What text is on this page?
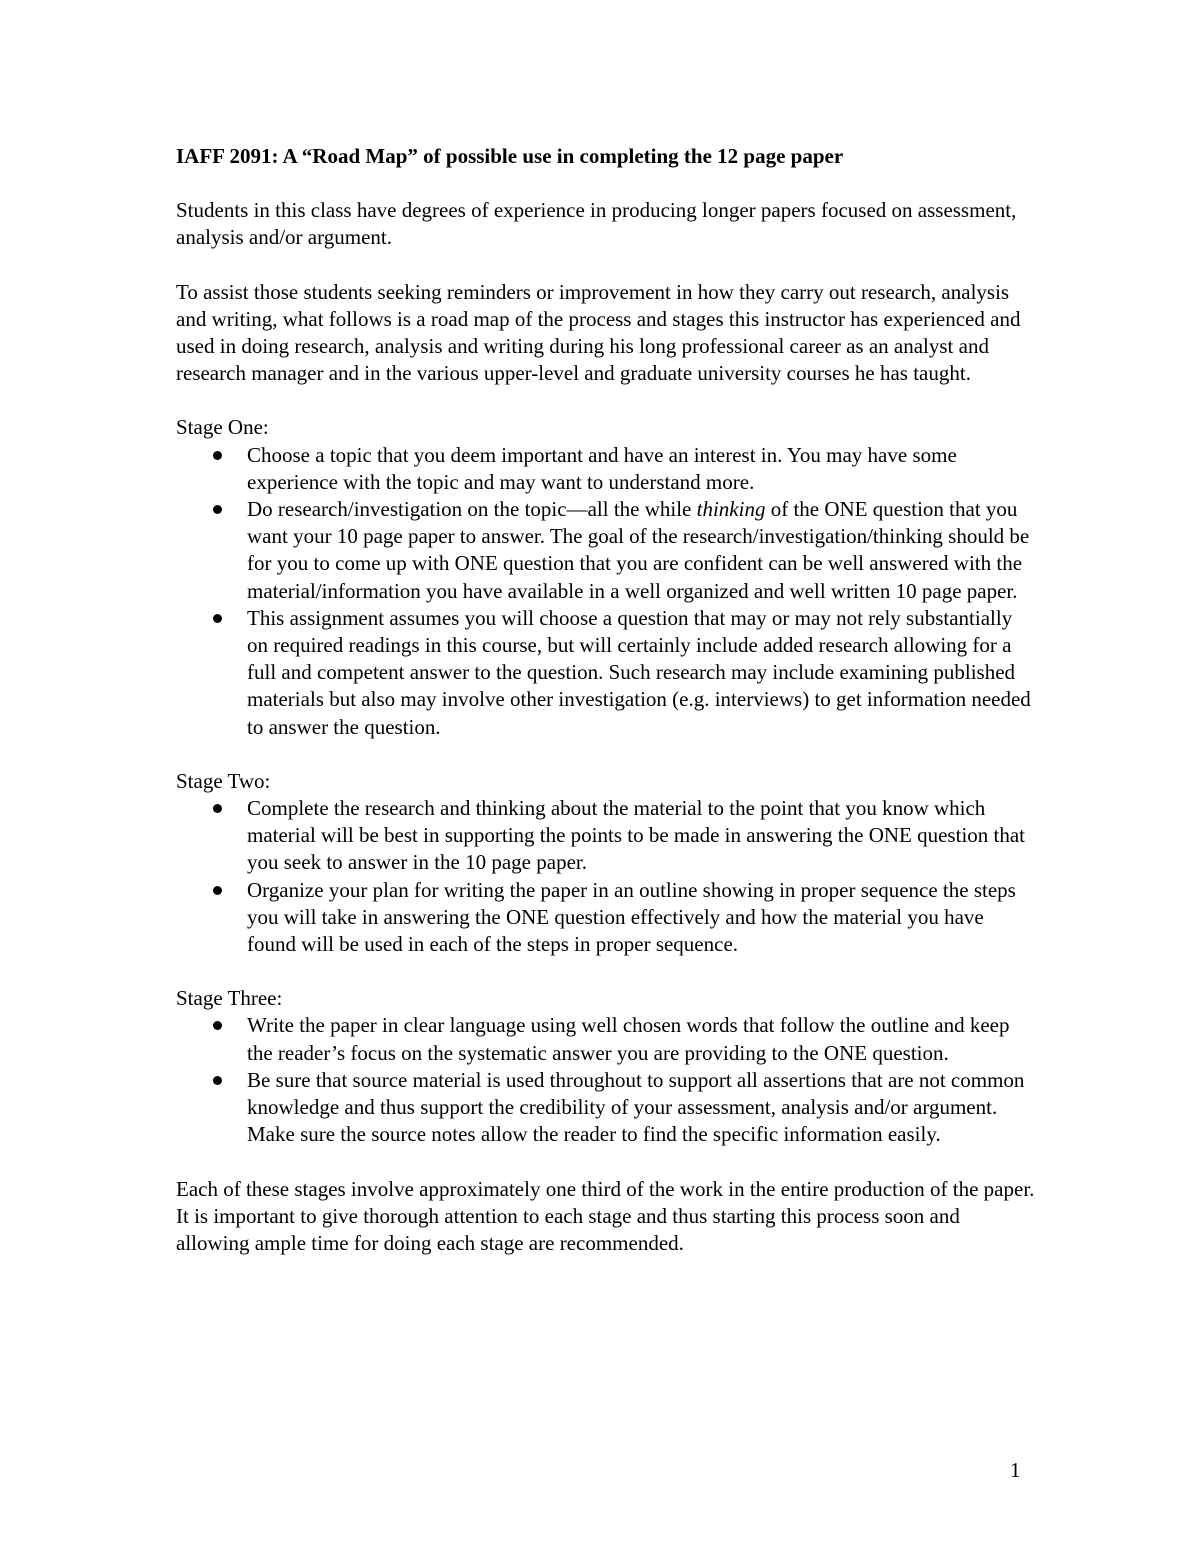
IAFF 2091: A “Road Map” of possible use in completing the 12 page paper

Students in this class have degrees of experience in producing longer papers focused on assessment, analysis and/or argument.

To assist those students seeking reminders or improvement in how they carry out research, analysis and writing, what follows is a road map of the process and stages this instructor has experienced and used in doing research, analysis and writing during his long professional career as an analyst and research manager and in the various upper-level and graduate university courses he has taught.

Stage One:
Choose a topic that you deem important and have an interest in. You may have some experience with the topic and may want to understand more.
Do research/investigation on the topic—all the while thinking of the ONE question that you want your 10 page paper to answer. The goal of the research/investigation/thinking should be for you to come up with ONE question that you are confident can be well answered with the material/information you have available in a well organized and well written 10 page paper.
This assignment assumes you will choose a question that may or may not rely substantially on required readings in this course, but will certainly include added research allowing for a full and competent answer to the question. Such research may include examining published materials but also may involve other investigation (e.g. interviews) to get information needed to answer the question.
Stage Two:
Complete the research and thinking about the material to the point that you know which material will be best in supporting the points to be made in answering the ONE question that you seek to answer in the 10 page paper.
Organize your plan for writing the paper in an outline showing in proper sequence the steps you will take in answering the ONE question effectively and how the material you have found will be used in each of the steps in proper sequence.
Stage Three:
Write the paper in clear language using well chosen words that follow the outline and keep the reader’s focus on the systematic answer you are providing to the ONE question.
Be sure that source material is used throughout to support all assertions that are not common knowledge and thus support the credibility of your assessment, analysis and/or argument. Make sure the source notes allow the reader to find the specific information easily.

Each of these stages involve approximately one third of the work in the entire production of the paper. It is important to give thorough attention to each stage and thus starting this process soon and allowing ample time for doing each stage are recommended.

1
